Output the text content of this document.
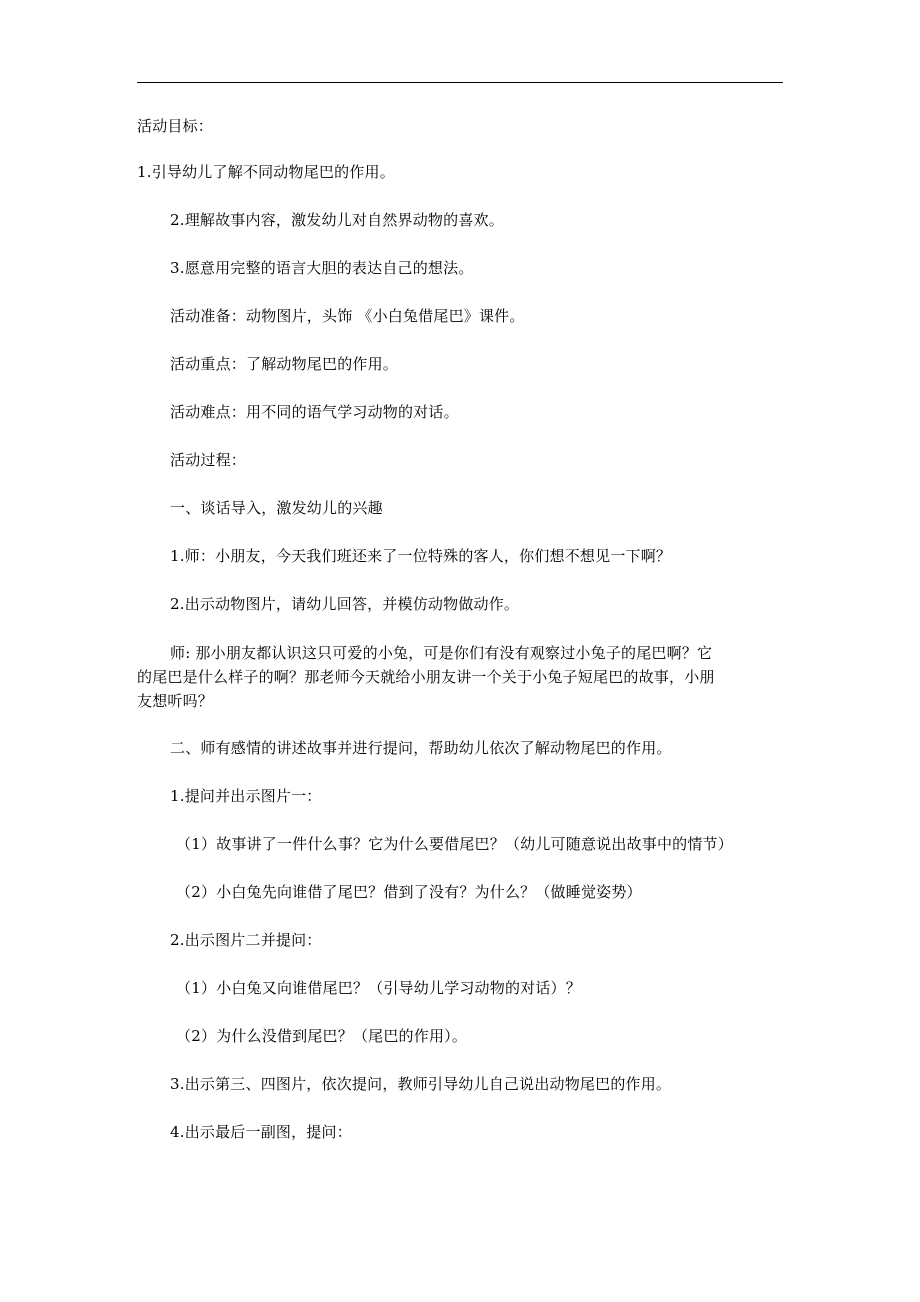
活动目标：
1.引导幼儿了解不同动物尾巴的作用。
2.理解故事内容，激发幼儿对自然界动物的喜欢。
3.愿意用完整的语言大胆的表达自己的想法。
活动准备：动物图片，头饰 《小白兔借尾巴》课件。
活动重点：了解动物尾巴的作用。
活动难点：用不同的语气学习动物的对话。
活动过程：
一、谈话导入，激发幼儿的兴趣
1.师：小朋友，今天我们班还来了一位特殊的客人，你们想不想见一下啊？
2.出示动物图片，请幼儿回答，并模仿动物做动作。
师: 那小朋友都认识这只可爱的小兔，可是你们有没有观察过小兔子的尾巴啊？它的尾巴是什么样子的啊？那老师今天就给小朋友讲一个关于小兔子短尾巴的故事，小朋友想听吗？
二、师有感情的讲述故事并进行提问，帮助幼儿依次了解动物尾巴的作用。
1.提问并出示图片一：
（1）故事讲了一件什么事？它为什么要借尾巴？（幼儿可随意说出故事中的情节）
（2）小白兔先向谁借了尾巴？借到了没有？为什么？（做睡觉姿势）
2.出示图片二并提问：
（1）小白兔又向谁借尾巴？（引导幼儿学习动物的对话）？
（2）为什么没借到尾巴？（尾巴的作用）。
3.出示第三、四图片，依次提问，教师引导幼儿自己说出动物尾巴的作用。
4.出示最后一副图，提问：
